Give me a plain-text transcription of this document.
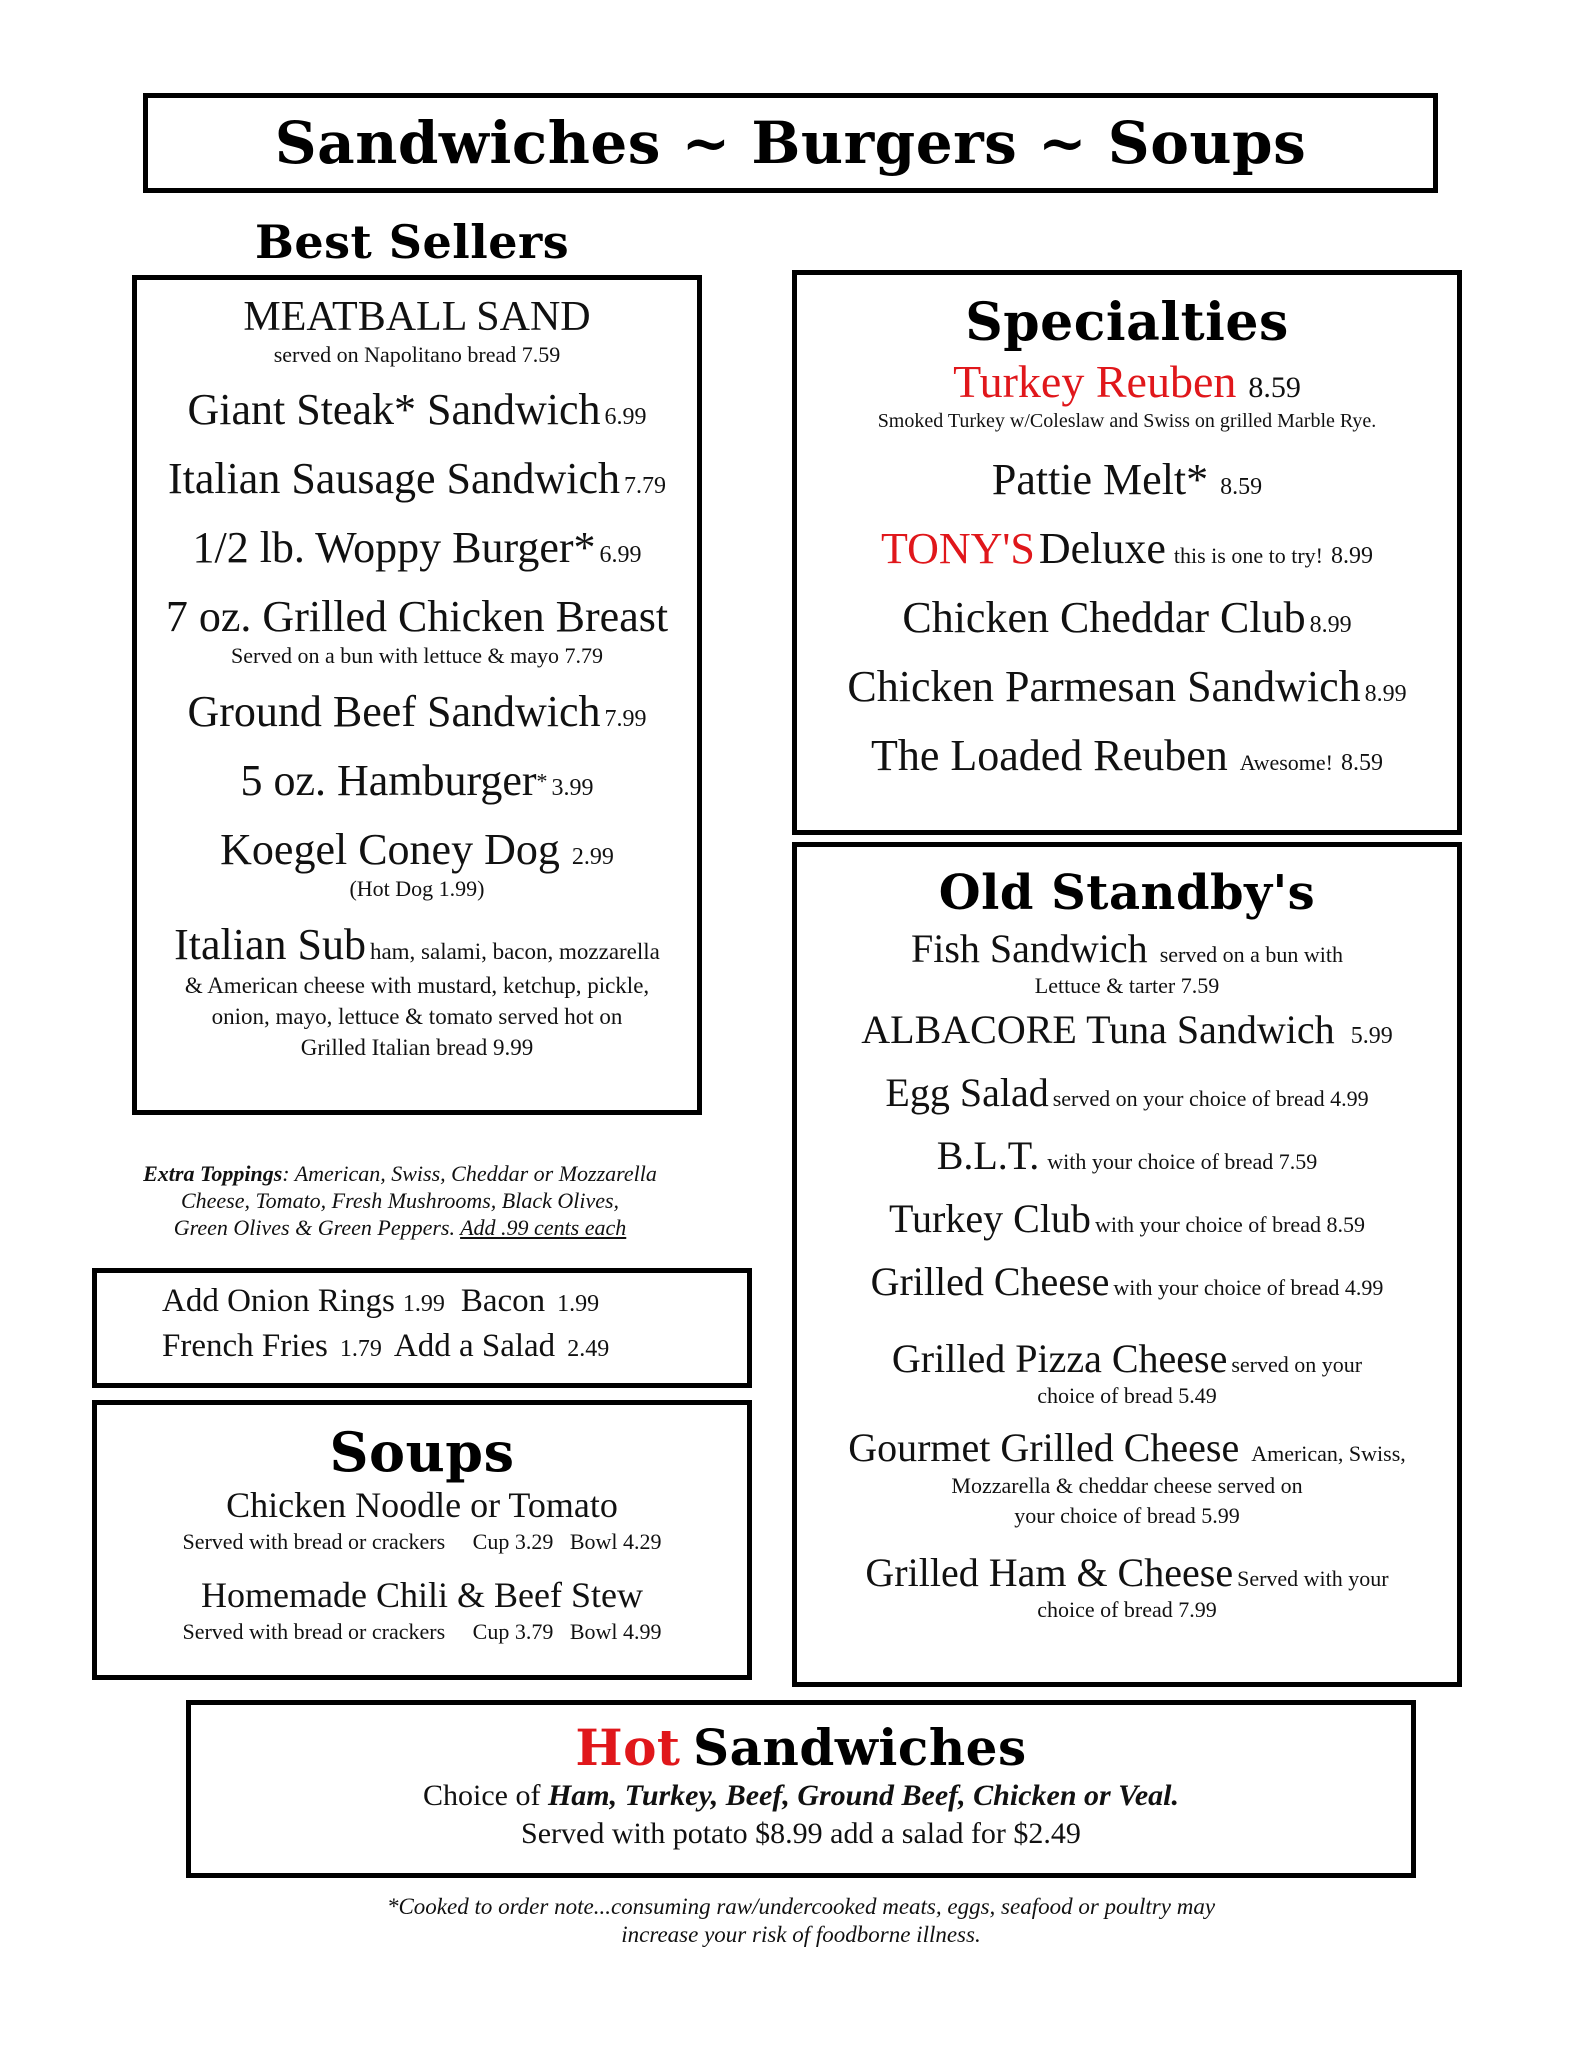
Sandwiches ~ Burgers ~ Soups
Best Sellers
MEATBALL SAND
served on Napolitano bread 7.59
Giant Steak* Sandwich 6.99
Italian Sausage Sandwich 7.79
1/2 lb. Woppy Burger* 6.99
7 oz. Grilled Chicken Breast
Served on a bun with lettuce & mayo 7.79
Ground Beef Sandwich 7.99
5 oz. Hamburger* 3.99
Koegel Coney Dog 2.99
(Hot Dog 1.99)
Italian Sub ham, salami, bacon, mozzarella
& American cheese with mustard, ketchup, pickle,
onion, mayo, lettuce & tomato served hot on
Grilled Italian bread 9.99
Extra Toppings: American, Swiss, Cheddar or Mozzarella
Cheese, Tomato, Fresh Mushrooms, Black Olives,
Green Olives & Green Peppers. Add .99 cents each
Add Onion Rings 1.99 Bacon 1.99
French Fries 1.79 Add a Salad 2.49
Soups
Chicken Noodle or Tomato
Served with bread or crackers Cup 3.29 Bowl 4.29
Homemade Chili & Beef Stew
Served with bread or crackers Cup 3.79 Bowl 4.99
Specialties
Turkey Reuben 8.59
Smoked Turkey w/Coleslaw and Swiss on grilled Marble Rye.
Pattie Melt* 8.59
TONY'S Deluxe this is one to try! 8.99
Chicken Cheddar Club 8.99
Chicken Parmesan Sandwich 8.99
The Loaded Reuben Awesome! 8.59
Old Standby's
Fish Sandwich served on a bun with
Lettuce & tarter 7.59
ALBACORE Tuna Sandwich 5.99
Egg Salad served on your choice of bread 4.99
B.L.T. with your choice of bread 7.59
Turkey Club with your choice of bread 8.59
Grilled Cheese with your choice of bread 4.99
Grilled Pizza Cheese served on your
choice of bread 5.49
Gourmet Grilled Cheese American, Swiss,
Mozzarella & cheddar cheese served on
your choice of bread 5.99
Grilled Ham & Cheese Served with your
choice of bread 7.99
Hot Sandwiches
Choice of Ham, Turkey, Beef, Ground Beef, Chicken or Veal.
Served with potato $8.99 add a salad for $2.49
*Cooked to order note...consuming raw/undercooked meats, eggs, seafood or poultry may
increase your risk of foodborne illness.
